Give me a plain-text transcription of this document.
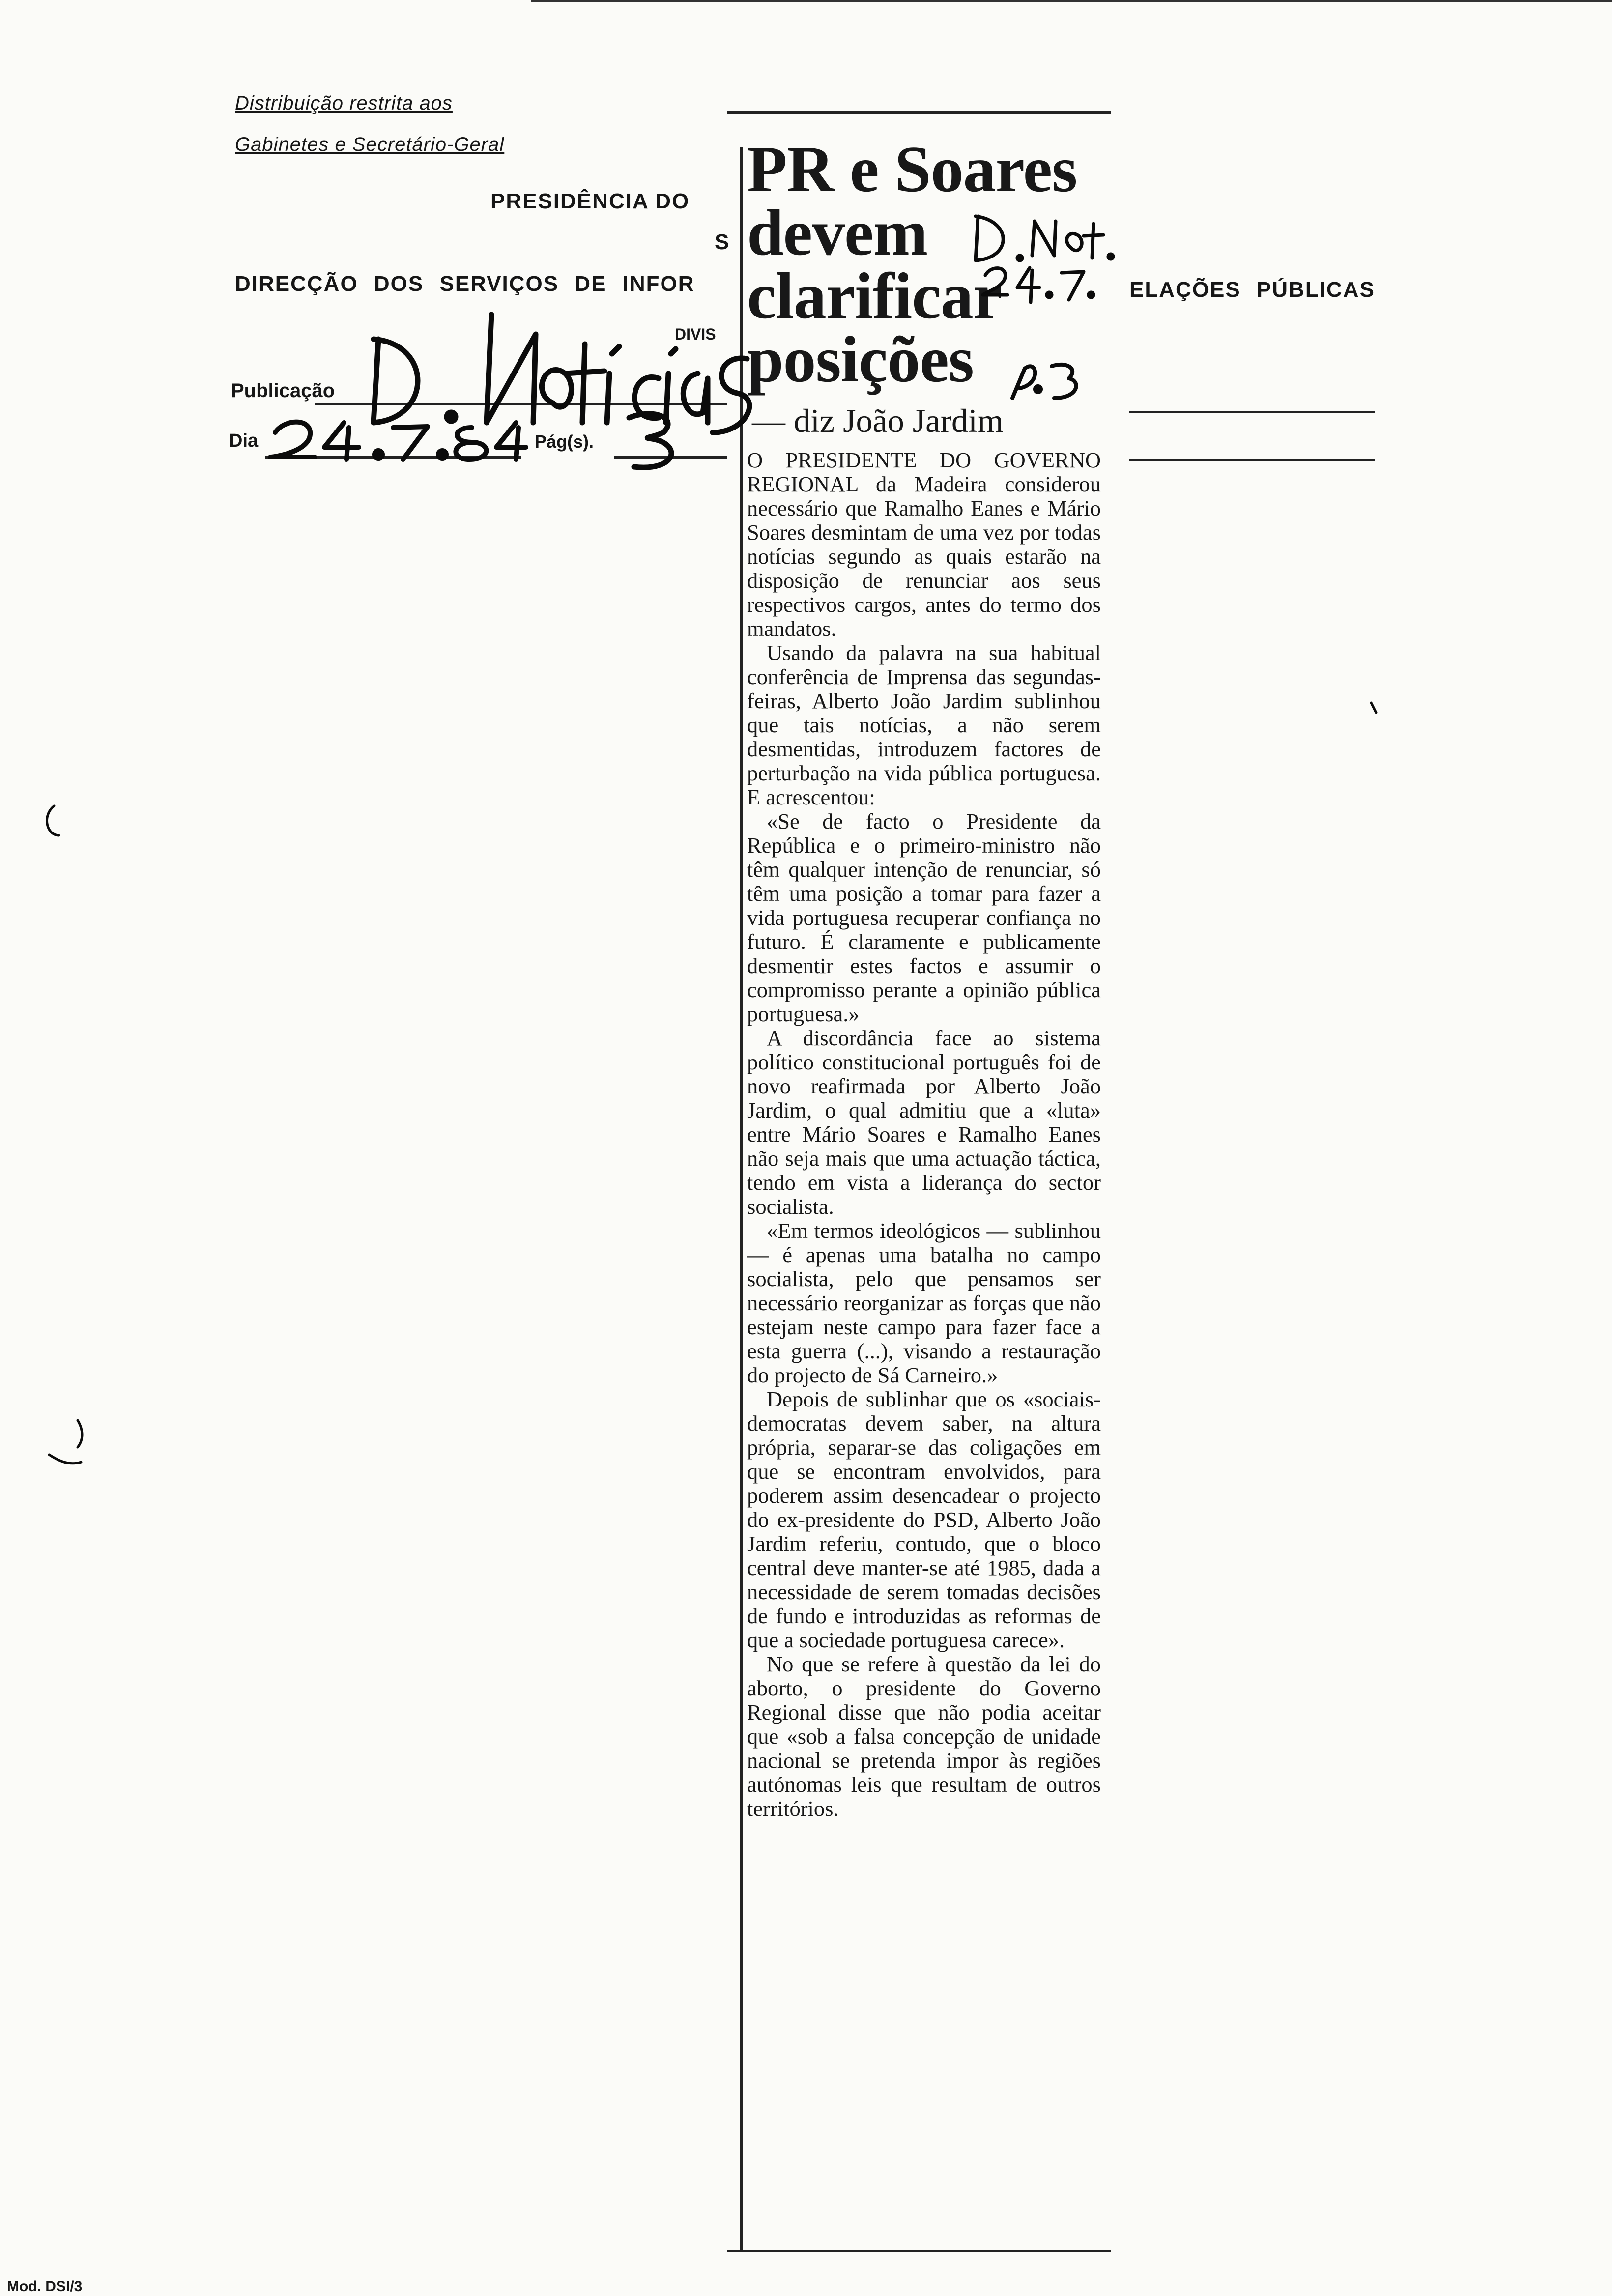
Distribuição restrita aos
Gabinetes e Secretário-Geral
PRESIDÊNCIA DO
S
DIRECÇÃO DOS SERVIÇOS DE INFOR	ELAÇÕES PÚBLICAS
DIVIS
Publicação
Dia	Pág(s).
Mod. DSI/3
PR e Soares
devem
clarificar
posições
— diz João Jardim

O PRESIDENTE DO GOVERNO REGIONAL da Madeira considerou necessário que Ramalho Eanes e Mário Soares desmintam de uma vez por todas notícias segundo as quais estarão na disposição de renunciar aos seus respectivos cargos, antes do termo dos mandatos.

Usando da palavra na sua habitual conferência de Imprensa das segundas-feiras, Alberto João Jardim sublinhou que tais notícias, a não serem desmentidas, introduzem factores de perturbação na vida pública portuguesa. E acrescentou:

«Se de facto o Presidente da República e o primeiro-ministro não têm qualquer intenção de renunciar, só têm uma posição a tomar para fazer a vida portuguesa recuperar confiança no futuro. É claramente e publicamente desmentir estes factos e assumir o compromisso perante a opinião pública portuguesa.»

A discordância face ao sistema político constitucional português foi de novo reafirmada por Alberto João Jardim, o qual admitiu que a «luta» entre Mário Soares e Ramalho Eanes não seja mais que uma actuação táctica, tendo em vista a liderança do sector socialista.

«Em termos ideológicos — sublinhou — é apenas uma batalha no campo socialista, pelo que pensamos ser necessário reorganizar as forças que não estejam neste campo para fazer face a esta guerra (...), visando a restauração do projecto de Sá Carneiro.»

Depois de sublinhar que os «sociais-democratas devem saber, na altura própria, separar-se das coligações em que se encontram envolvidos, para poderem assim desencadear o projecto do ex-presidente do PSD, Alberto João Jardim referiu, contudo, que o bloco central deve manter-se até 1985, dada a necessidade de serem tomadas decisões de fundo e introduzidas as reformas de que a sociedade portuguesa carece».

No que se refere à questão da lei do aborto, o presidente do Governo Regional disse que não podia aceitar que «sob a falsa concepção de unidade nacional se pretenda impor às regiões autónomas leis que resultam de outros territórios.
